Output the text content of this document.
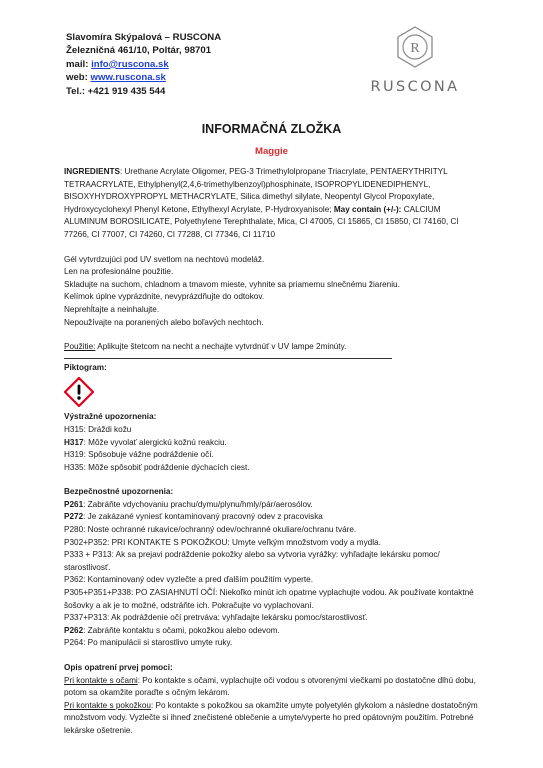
Slavomíra Skýpalová – RUSCONA
Železničná 461/10, Poltár, 98701
mail: info@ruscona.sk
web: www.ruscona.sk
Tel.: +421 919 435 544
R
RUSCONA
INFORMAČNÁ ZLOŽKA
Maggie

INGREDIENTS: Urethane Acrylate Oligomer, PEG-3 Trimethylolpropane Triacrylate, PENTAERYTHRITYL TETRAACRYLATE, Ethylphenyl(2,4,6-trimethylbenzoyl)phosphinate, ISOPROPYLIDENEDIPHENYL, BISOXYHYDROXYPROPYL METHACRYLATE, Silica dimethyl silylate, Neopentyl Glycol Propoxylate, Hydroxycyclohexyl Phenyl Ketone, Ethylhexyl Acrylate, P-Hydroxyanisole; May contain (+/-): CALCIUM ALUMINUM BOROSILICATE, Polyethylene Terephthalate, Mica, CI 47005, CI 15865, CI 15850, CI 74160, CI 77266, CI 77007, CI 74260, CI 77288, CI 77346, CI 11710

Gél vytvrdzujúci pod UV svetlom na nechtovú modeláž.

Len na profesionálne použitie.

Skladujte na suchom, chladnom a tmavom mieste, vyhnite sa priamemu slnečnému žiareniu.

Kelímok úplne vyprázdnite, nevyprázdňujte do odtokov.

Neprehĺtajte a neinhalujte.

Nepoužívajte na poranených alebo boľavých nechtoch.

Použitie: Aplikujte štetcom na necht a nechajte vytvrdnúť v UV lampe 2minúty.

Piktogram:

Výstražné upozornenia:

H315: Dráždi kožu

H317: Môže vyvolať alergickú kožnú reakciu.

H319: Spôsobuje vážne podráždenie očí.

H335: Môže spôsobiť podráždenie dýchacích ciest.

Bezpečnostné upozornenia:

P261: Zabráňte vdychovaniu prachu/dymu/plynu/hmly/pár/aerosólov.

P272: Je zakázané vyniesť kontaminovaný pracovný odev z pracoviska

P280: Noste ochranné rukavice/ochranný odev/ochranné okuliare/ochranu tváre.

P302+P352: PRI KONTAKTE S POKOŽKOU: Umyte veľkým množstvom vody a mydla.

P333 + P313: Ak sa prejavi podráždenie pokožky alebo sa vytvoria vyrážky: vyhľadajte lekársku pomoc/ starostlivosť.

P362: Kontaminovaný odev vyzlečte a pred ďalším použitím vyperte.

P305+P351+P338: PO ZASIAHNUTÍ OČÍ: Niekoľko minút ich opatrne vyplachujte vodou. Ak používate kontaktné šošovky a ak je to možné, odstráňte ich. Pokračujte vo vyplachovaní.

P337+P313: Ak podráždenie očí pretrváva: vyhľadajte lekársku pomoc/starostlivosť.

P262: Zabráňte kontaktu s očami, pokožkou alebo odevom.

P264: Po manipulácii si starostlivo umyte ruky.

Opis opatrení prvej pomoci:

Pri kontakte s očami: Po kontakte s očami, vyplachujte oči vodou s otvorenými viečkami po dostatočne dlhú dobu, potom sa okamžite poraďte s očným lekárom.

Pri kontakte s pokožkou: Po kontakte s pokožkou sa okamžite umyte polyetylén glykolom a následne dostatočným množstvom vody. Vyzlečte si ihneď znečistené oblečenie a umyte/vyperte ho pred opätovným použitím. Potrebné lekárske ošetrenie.
